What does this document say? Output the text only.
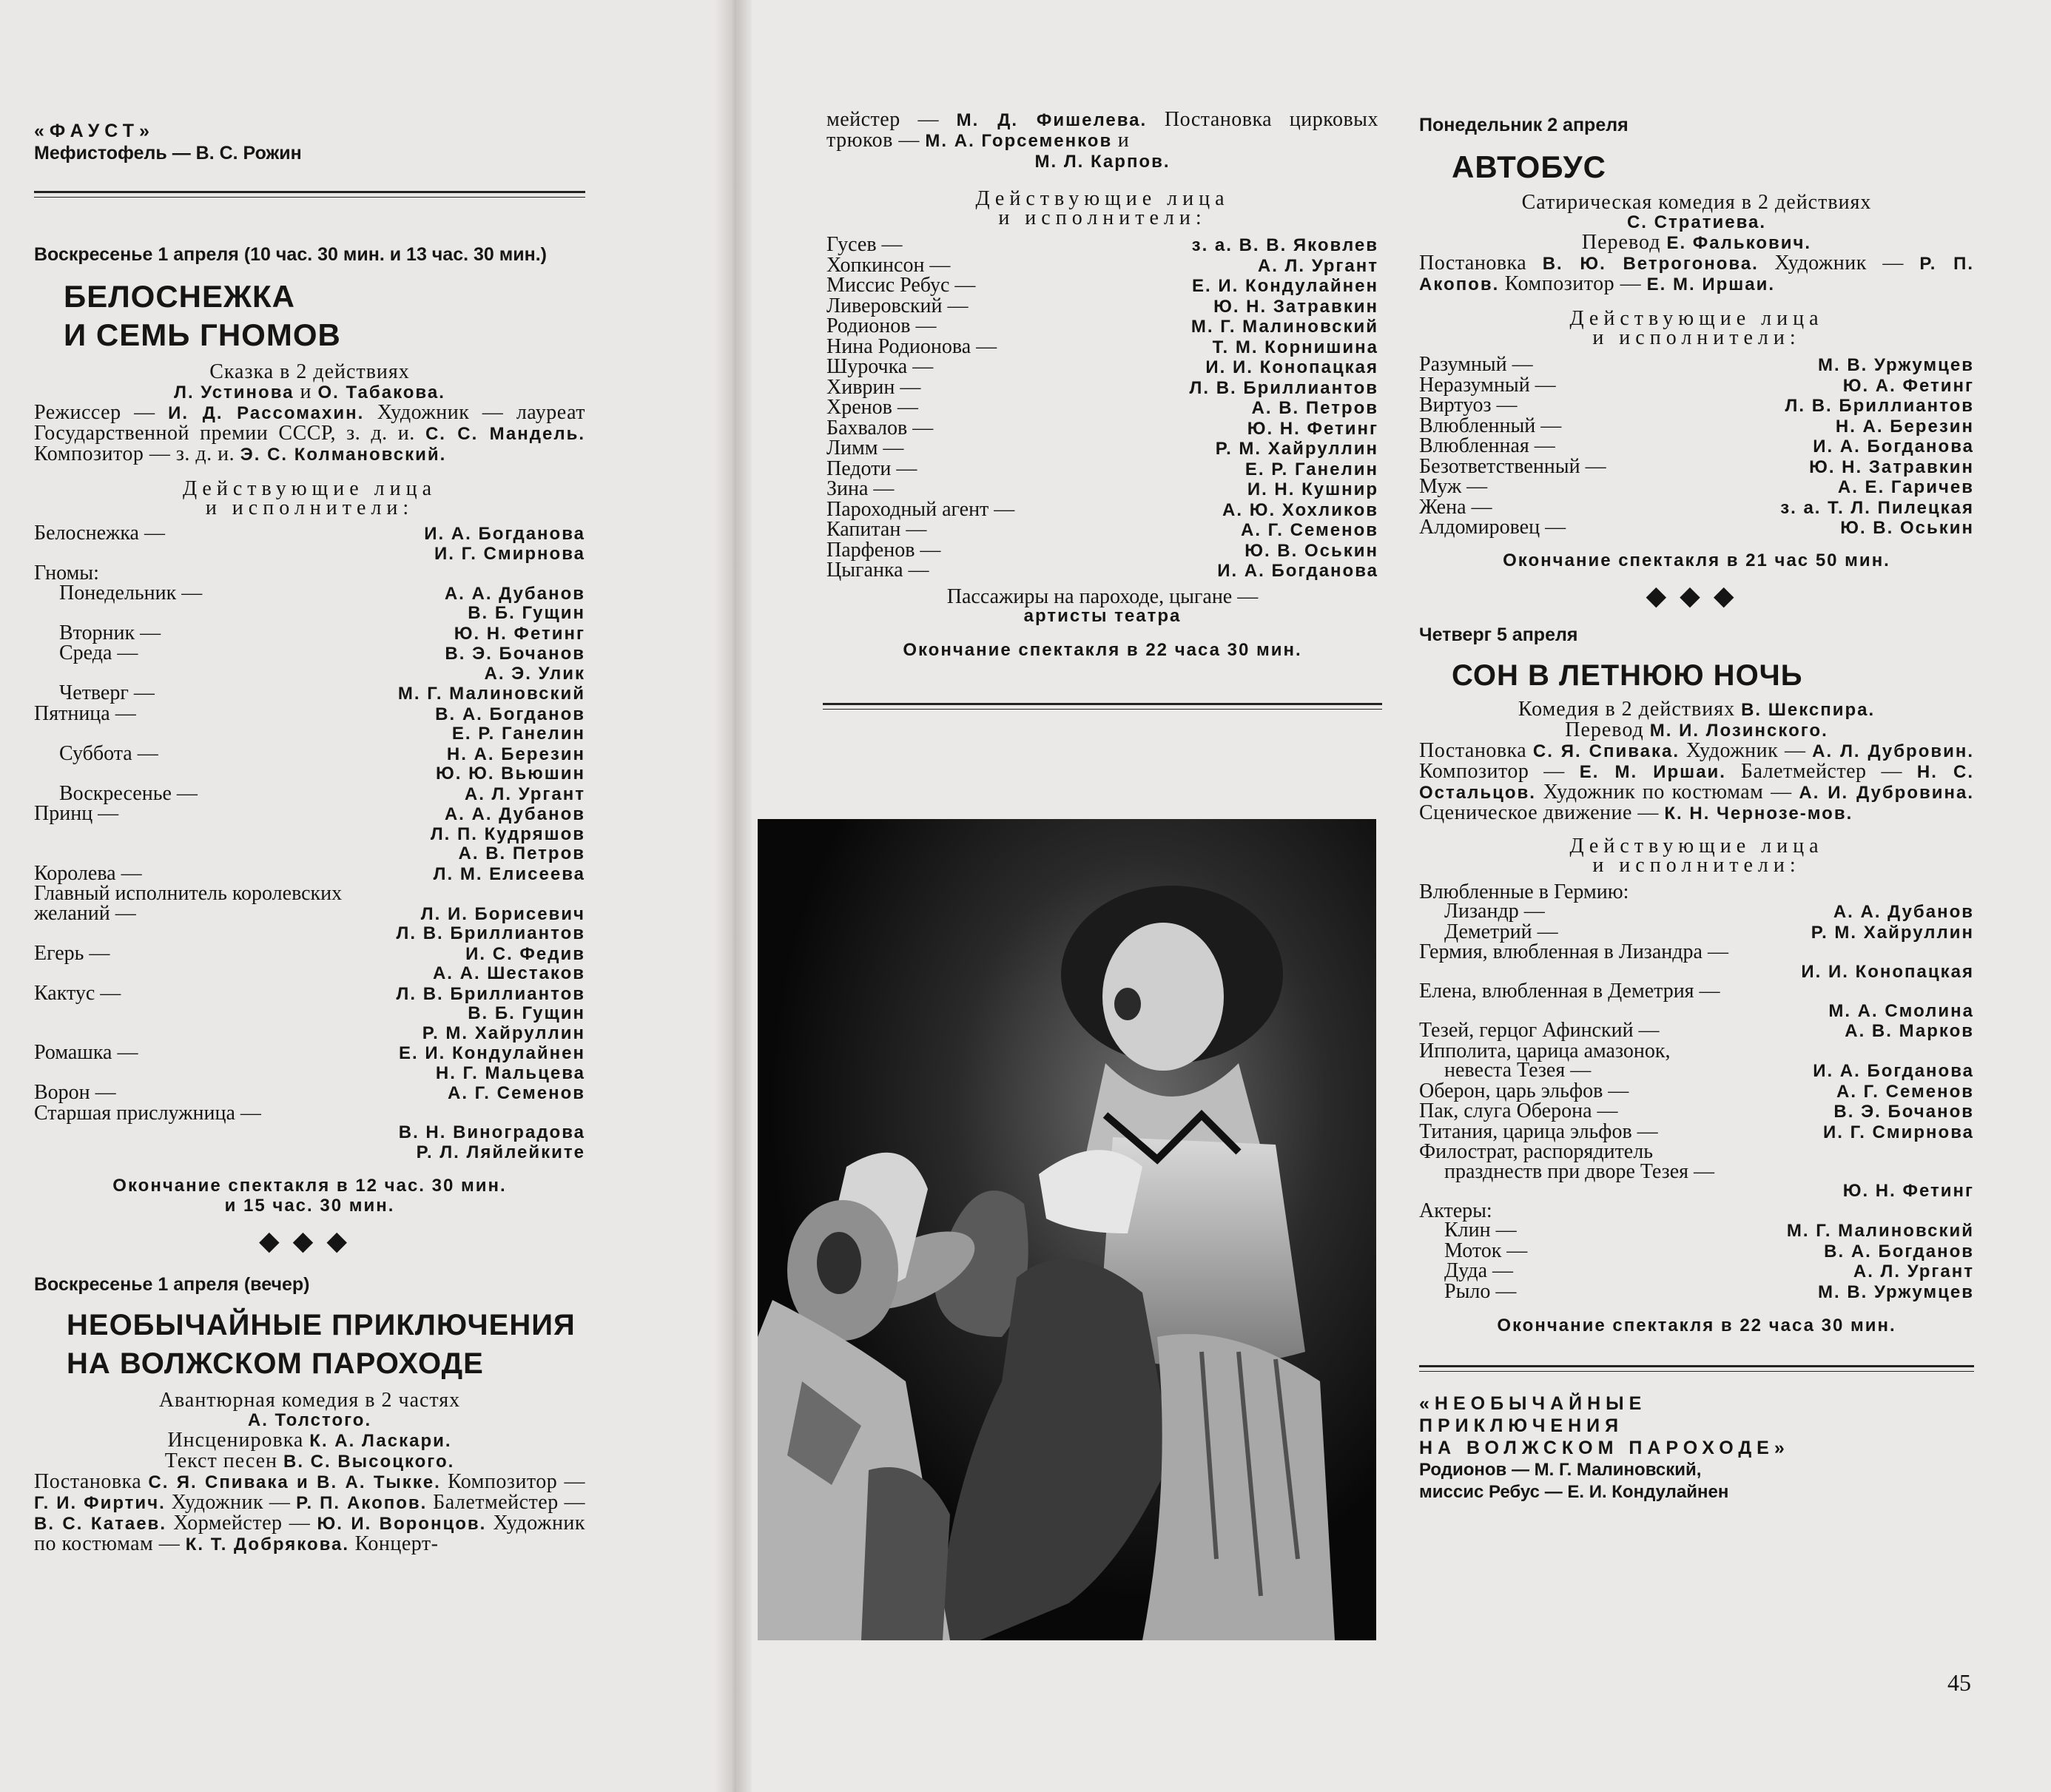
«ФАУСТ»
Мефистофель — В. С. Рожин
Воскресенье 1 апреля (10 час. 30 мин. и 13 час. 30 мин.)
БЕЛОСНЕЖКА
И СЕМЬ ГНОМОВ
Сказка в 2 действиях
Л. Устинова и О. Табакова.
Режиссер — И. Д. Рассомахин. Художник — лауреат Государственной премии СССР, з. д. и. С. С. Мандель. Композитор — з. д. и. Э. С. Колмановский.
Действующие лица
и исполнители:
Белоснежка —	И. А. Богданова
И. Г. Смирнова
Гномы:
Понедельник —	А. А. Дубанов
В. Б. Гущин
Вторник —	Ю. Н. Фетинг
Среда —	В. Э. Бочанов
А. Э. Улик
Четверг —	М. Г. Малиновский
Пятница —	В. А. Богданов
Е. Р. Ганелин
Суббота —	Н. А. Березин
Ю. Ю. Вьюшин
Воскресенье —	А. Л. Ургант
Принц —	А. А. Дубанов
Л. П. Кудряшов
А. В. Петров
Королева —	Л. М. Елисеева
Главный исполнитель королевских
желаний —	Л. И. Борисевич
Л. В. Бриллиантов
Егерь —	И. С. Федив
А. А. Шестаков
Кактус —	Л. В. Бриллиантов
В. Б. Гущин
Р. М. Хайруллин
Ромашка —	Е. И. Кондулайнен
Н. Г. Мальцева
Ворон —	А. Г. Семенов
Старшая прислужница —
В. Н. Виноградова
Р. Л. Ляйлейките
Окончание спектакля в 12 час. 30 мин.
и 15 час. 30 мин.
◆◆◆
Воскресенье 1 апреля (вечер)
НЕОБЫЧАЙНЫЕ ПРИКЛЮЧЕНИЯ
НА ВОЛЖСКОМ ПАРОХОДЕ
Авантюрная комедия в 2 частях
А. Толстого.
Инсценировка К. А. Ласкари.
Текст песен В. С. Высоцкого.
Постановка С. Я. Спивака и В. А. Тыкке. Композитор — Г. И. Фиртич. Художник — Р. П. Акопов. Балетмейстер — В. С. Катаев. Хормейстер — Ю. И. Воронцов. Художник по костюмам — К. Т. Добрякова. Концерт-
мейстер — М. Д. Фишелева. Постановка цирковых трюков — М. А. Горсеменков и
М. Л. Карпов.
Действующие лица
и исполнители:
Гусев —	з. а. В. В. Яковлев
Хопкинсон —	А. Л. Ургант
Миссис Ребус —	Е. И. Кондулайнен
Ливеровский —	Ю. Н. Затравкин
Родионов —	М. Г. Малиновский
Нина Родионова —	Т. М. Корнишина
Шурочка —	И. И. Конопацкая
Хиврин —	Л. В. Бриллиантов
Хренов —	А. В. Петров
Бахвалов —	Ю. Н. Фетинг
Лимм —	Р. М. Хайруллин
Педоти —	Е. Р. Ганелин
Зина —	И. Н. Кушнир
Пароходный агент —	А. Ю. Хохликов
Капитан —	А. Г. Семенов
Парфенов —	Ю. В. Оськин
Цыганка —	И. А. Богданова
Пассажиры на пароходе, цыгане —
артисты театра
Окончание спектакля в 22 часа 30 мин.
Понедельник 2 апреля
АВТОБУС
Сатирическая комедия в 2 действиях
С. Стратиева.
Перевод Е. Фалькович.
Постановка В. Ю. Ветрогонова. Художник — Р. П. Акопов. Композитор — Е. М. Иршаи.
Действующие лица
и исполнители:
Разумный —	М. В. Уржумцев
Неразумный —	Ю. А. Фетинг
Виртуоз —	Л. В. Бриллиантов
Влюбленный —	Н. А. Березин
Влюбленная —	И. А. Богданова
Безответственный —	Ю. Н. Затравкин
Муж —	А. Е. Гаричев
Жена —	з. а. Т. Л. Пилецкая
Алдомировец —	Ю. В. Оськин
Окончание спектакля в 21 час 50 мин.
◆◆◆
Четверг 5 апреля
СОН В ЛЕТНЮЮ НОЧЬ
Комедия в 2 действиях В. Шекспира.
Перевод М. И. Лозинского.
Постановка С. Я. Спивака. Художник — А. Л. Дубровин. Композитор — Е. М. Иршаи. Балетмейстер — Н. С. Остальцов. Художник по костюмам — А. И. Дубровина. Сценическое движение — К. Н. Чернозе-мов.
Действующие лица
и исполнители:
Влюбленные в Гермию:
Лизандр —	А. А. Дубанов
Деметрий —	Р. М. Хайруллин
Гермия, влюбленная в Лизандра —
И. И. Конопацкая
Елена, влюбленная в Деметрия —
М. А. Смолина
Тезей, герцог Афинский —	А. В. Марков
Ипполита, царица амазонок,
невеста Тезея —	И. А. Богданова
Оберон, царь эльфов —	А. Г. Семенов
Пак, слуга Оберона —	В. Э. Бочанов
Титания, царица эльфов —	И. Г. Смирнова
Филострат, распорядитель
празднеств при дворе Тезея —
Ю. Н. Фетинг
Актеры:
Клин —	М. Г. Малиновский
Моток —	В. А. Богданов
Дуда —	А. Л. Ургант
Рыло —	М. В. Уржумцев
Окончание спектакля в 22 часа 30 мин.
«НЕОБЫЧАЙНЫЕ
ПРИКЛЮЧЕНИЯ
НА ВОЛЖСКОМ ПАРОХОДЕ»
Родионов — М. Г. Малиновский,
миссис Ребус — Е. И. Кондулайнен
45
